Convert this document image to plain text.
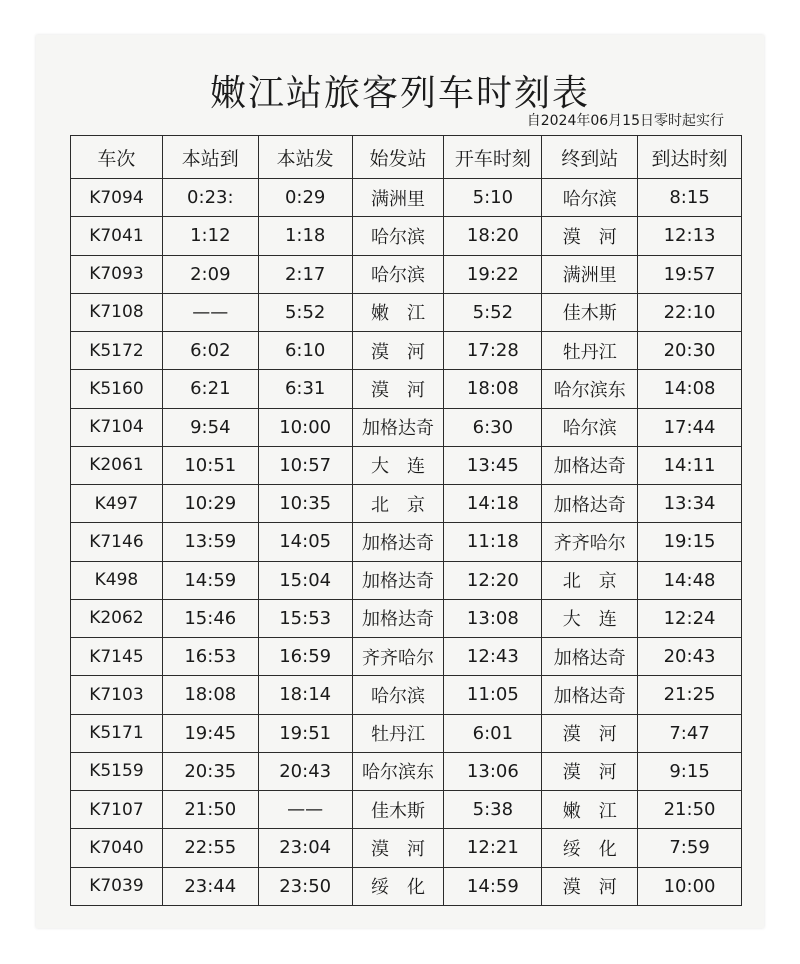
嫩江站旅客列车时刻表
自2024年06月15日零时起实行
车次	本站到	本站发	始发站	开车时刻	终到站	到达时刻
K7094	0:23:	0:29	满洲里	5:10	哈尔滨	8:15
K7041	1:12	1:18	哈尔滨	18:20	漠　河	12:13
K7093	2:09	2:17	哈尔滨	19:22	满洲里	19:57
K7108	——	5:52	嫩　江	5:52	佳木斯	22:10
K5172	6:02	6:10	漠　河	17:28	牡丹江	20:30
K5160	6:21	6:31	漠　河	18:08	哈尔滨东	14:08
K7104	9:54	10:00	加格达奇	6:30	哈尔滨	17:44
K2061	10:51	10:57	大　连	13:45	加格达奇	14:11
K497	10:29	10:35	北　京	14:18	加格达奇	13:34
K7146	13:59	14:05	加格达奇	11:18	齐齐哈尔	19:15
K498	14:59	15:04	加格达奇	12:20	北　京	14:48
K2062	15:46	15:53	加格达奇	13:08	大　连	12:24
K7145	16:53	16:59	齐齐哈尔	12:43	加格达奇	20:43
K7103	18:08	18:14	哈尔滨	11:05	加格达奇	21:25
K5171	19:45	19:51	牡丹江	6:01	漠　河	7:47
K5159	20:35	20:43	哈尔滨东	13:06	漠　河	9:15
K7107	21:50	——	佳木斯	5:38	嫩　江	21:50
K7040	22:55	23:04	漠　河	12:21	绥　化	7:59
K7039	23:44	23:50	绥　化	14:59	漠　河	10:00
